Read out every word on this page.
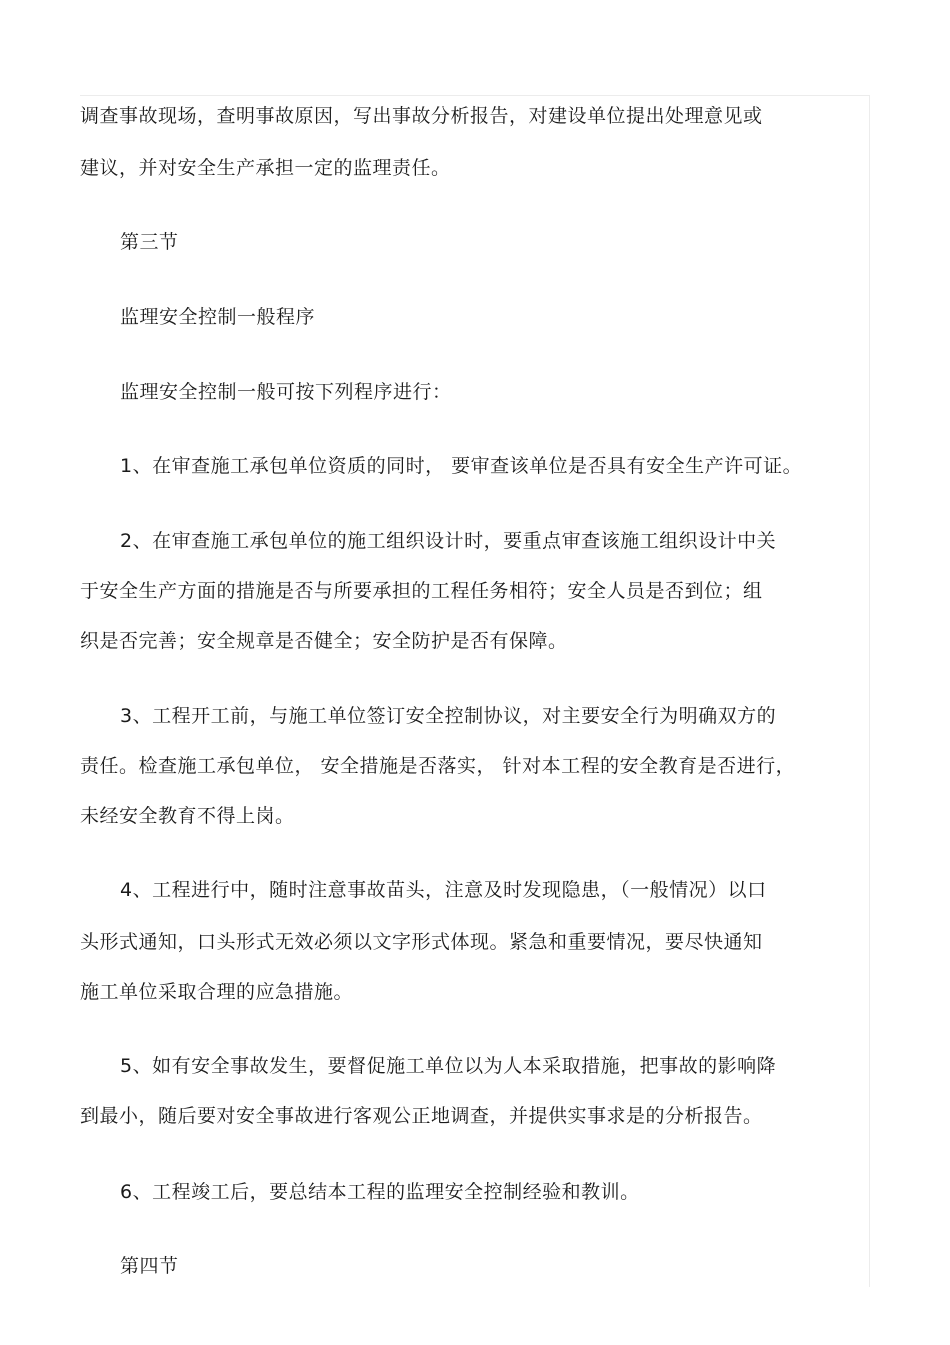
调查事故现场，查明事故原因，写出事故分析报告，对建设单位提出处理意见或
建议，并对安全生产承担一定的监理责任。
第三节
监理安全控制一般程序
监理安全控制一般可按下列程序进行：
1、在审查施工承包单位资质的同时， 要审查该单位是否具有安全生产许可证。
2、在审查施工承包单位的施工组织设计时，要重点审查该施工组织设计中关
于安全生产方面的措施是否与所要承担的工程任务相符；安全人员是否到位；组
织是否完善；安全规章是否健全；安全防护是否有保障。
3、工程开工前，与施工单位签订安全控制协议，对主要安全行为明确双方的
责任。检查施工承包单位， 安全措施是否落实， 针对本工程的安全教育是否进行，
未经安全教育不得上岗。
4、工程进行中，随时注意事故苗头，注意及时发现隐患，（一般情况）以口
头形式通知，口头形式无效必须以文字形式体现。紧急和重要情况，要尽快通知
施工单位采取合理的应急措施。
5、如有安全事故发生，要督促施工单位以为人本采取措施，把事故的影响降
到最小，随后要对安全事故进行客观公正地调查，并提供实事求是的分析报告。
6、工程竣工后，要总结本工程的监理安全控制经验和教训。
第四节
